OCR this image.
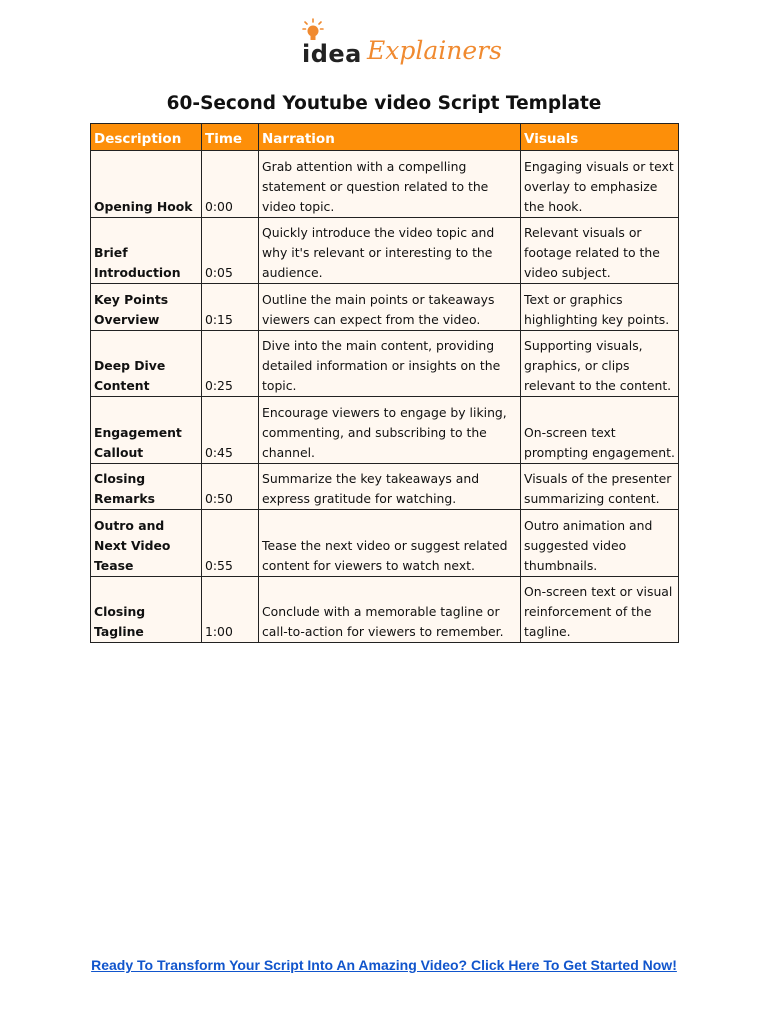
idea Explainers
60-Second Youtube video Script Template
Description	Time	Narration	Visuals
Opening Hook	0:00	Grab attention with a compelling statement or question related to the video topic.	Engaging visuals or text overlay to emphasize the hook.
Brief Introduction	0:05	Quickly introduce the video topic and why it's relevant or interesting to the audience.	Relevant visuals or footage related to the video subject.
Key Points Overview	0:15	Outline the main points or takeaways viewers can expect from the video.	Text or graphics highlighting key points.
Deep Dive Content	0:25	Dive into the main content, providing detailed information or insights on the topic.	Supporting visuals, graphics, or clips relevant to the content.
Engagement Callout	0:45	Encourage viewers to engage by liking, commenting, and subscribing to the channel.	On-screen text prompting engagement.
Closing Remarks	0:50	Summarize the key takeaways and express gratitude for watching.	Visuals of the presenter summarizing content.
Outro and Next Video Tease	0:55	Tease the next video or suggest related content for viewers to watch next.	Outro animation and suggested video thumbnails.
Closing Tagline	1:00	Conclude with a memorable tagline or call-to-action for viewers to remember.	On-screen text or visual reinforcement of the tagline.
Ready To Transform Your Script Into An Amazing Video? Click Here To Get Started Now!
